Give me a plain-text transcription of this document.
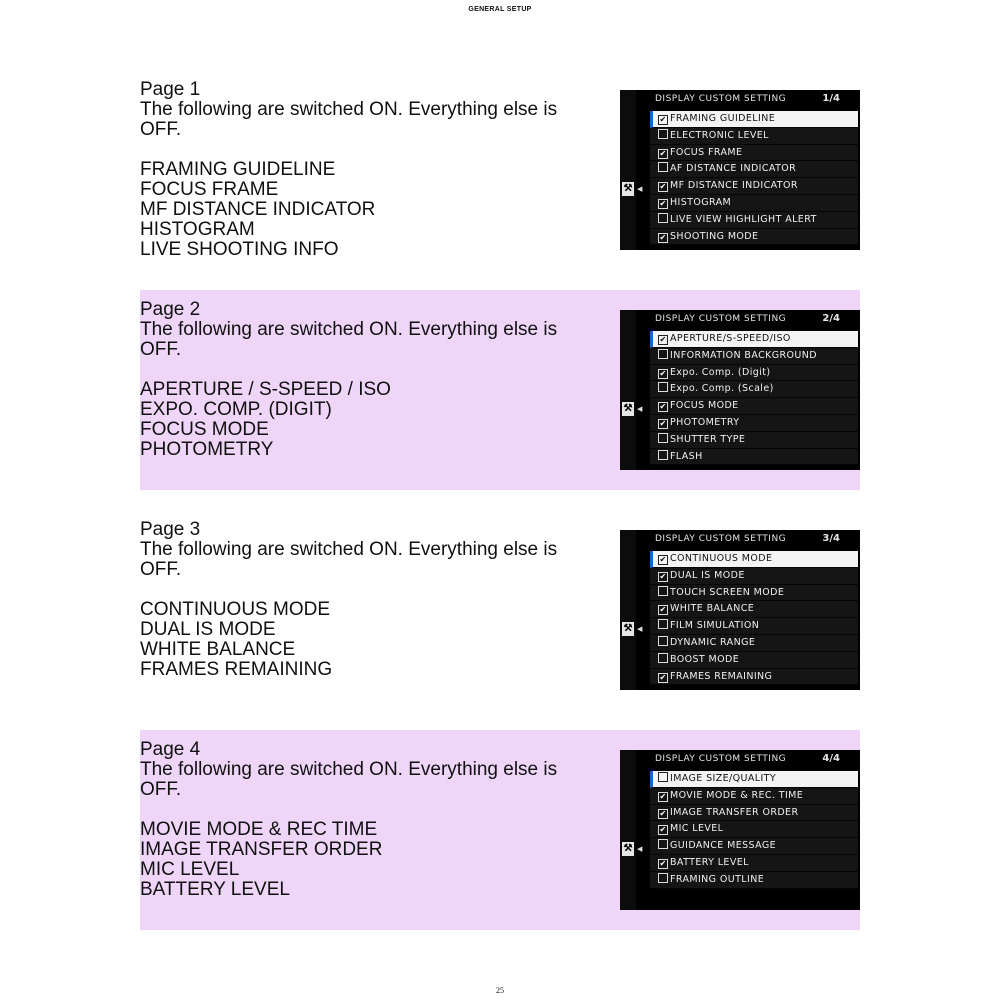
GENERAL SETUP
Page 1
The following are switched ON. Everything else is OFF.
FRAMING GUIDELINE
FOCUS FRAME
MF DISTANCE INDICATOR
HISTOGRAM
LIVE SHOOTING INFO
⚒ ◀
DISPLAY CUSTOM SETTING	1/4
✔ FRAMING GUIDELINE
ELECTRONIC LEVEL
✔ FOCUS FRAME
AF DISTANCE INDICATOR
✔ MF DISTANCE INDICATOR
✔ HISTOGRAM
LIVE VIEW HIGHLIGHT ALERT
✔ SHOOTING MODE
Page 2
The following are switched ON. Everything else is OFF.
APERTURE / S-SPEED / ISO
EXPO. COMP. (DIGIT)
FOCUS MODE
PHOTOMETRY
⚒ ◀
DISPLAY CUSTOM SETTING	2/4
✔ APERTURE/S-SPEED/ISO
INFORMATION BACKGROUND
✔ Expo. Comp. (Digit)
Expo. Comp. (Scale)
✔ FOCUS MODE
✔ PHOTOMETRY
SHUTTER TYPE
FLASH
Page 3
The following are switched ON. Everything else is OFF.
CONTINUOUS MODE
DUAL IS MODE
WHITE BALANCE
FRAMES REMAINING
⚒ ◀
DISPLAY CUSTOM SETTING	3/4
✔ CONTINUOUS MODE
✔ DUAL IS MODE
TOUCH SCREEN MODE
✔ WHITE BALANCE
FILM SIMULATION
DYNAMIC RANGE
BOOST MODE
✔ FRAMES REMAINING
Page 4
The following are switched ON. Everything else is OFF.
MOVIE MODE & REC TIME
IMAGE TRANSFER ORDER
MIC LEVEL
BATTERY LEVEL
⚒ ◀
DISPLAY CUSTOM SETTING	4/4
IMAGE SIZE/QUALITY
✔ MOVIE MODE & REC. TIME
✔ IMAGE TRANSFER ORDER
✔ MIC LEVEL
GUIDANCE MESSAGE
✔ BATTERY LEVEL
FRAMING OUTLINE
25
